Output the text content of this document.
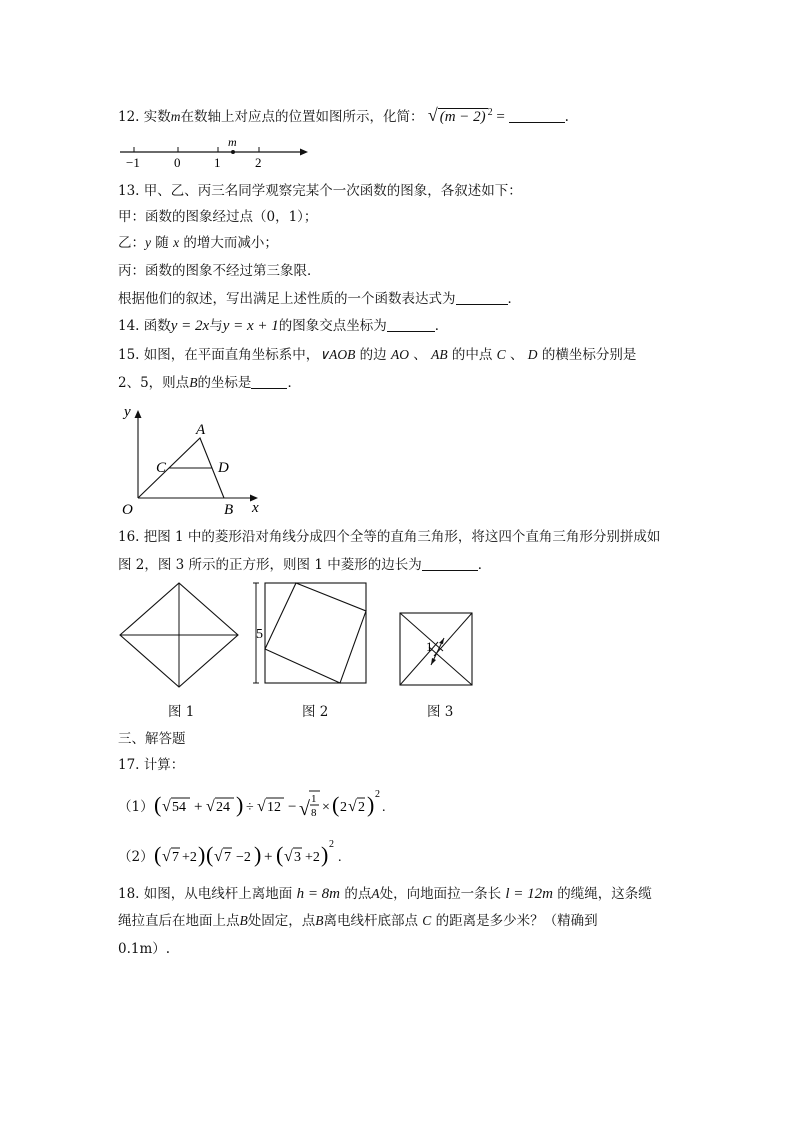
12. 实数m在数轴上对应点的位置如图所示，化简： √ (m − 2) $^2$ =	.
−1	0	1	2
m
13. 甲、乙、丙三名同学观察完某个一次函数的图象，各叙述如下：
甲：函数的图象经过点（0，1）；
乙：y 随 x 的增大而减小；
丙：函数的图象不经过第三象限．
根据他们的叙述，写出满足上述性质的一个函数表达式为	．
14. 函数y = 2x与y = x + 1的图象交点坐标为	．
15. 如图，在平面直角坐标系中，∨AOB 的边 AO 、 AB 的中点 C 、 D 的横坐标分别是
2、5，则点B的坐标是	．
y
A
C	D
O	B x
16. 把图 1 中的菱形沿对角线分成四个全等的直角三角形，将这四个直角三角形分别拼成如
图 2，图 3 所示的正方形，则图 1 中菱形的边长为	．
5
1
图 1	图 2	图 3
三、解答题
17. 计算：
（1） ( √ 54 + √ 24 ) ÷ √ 12 − √ 1
8 × ( 2 √ 2 ) 2
.
（2） ( √ 7 +2 ) ( √ 7 −2 ) + ( √ 3 +2 ) 2
.
18. 如图，从电线杆上离地面 h = 8m 的点A处，向地面拉一条长 l = 12m 的缆绳，这条缆
绳拉直后在地面上点B处固定，点B离电线杆底部点 C 的距离是多少米？（精确到
0.1m）.
